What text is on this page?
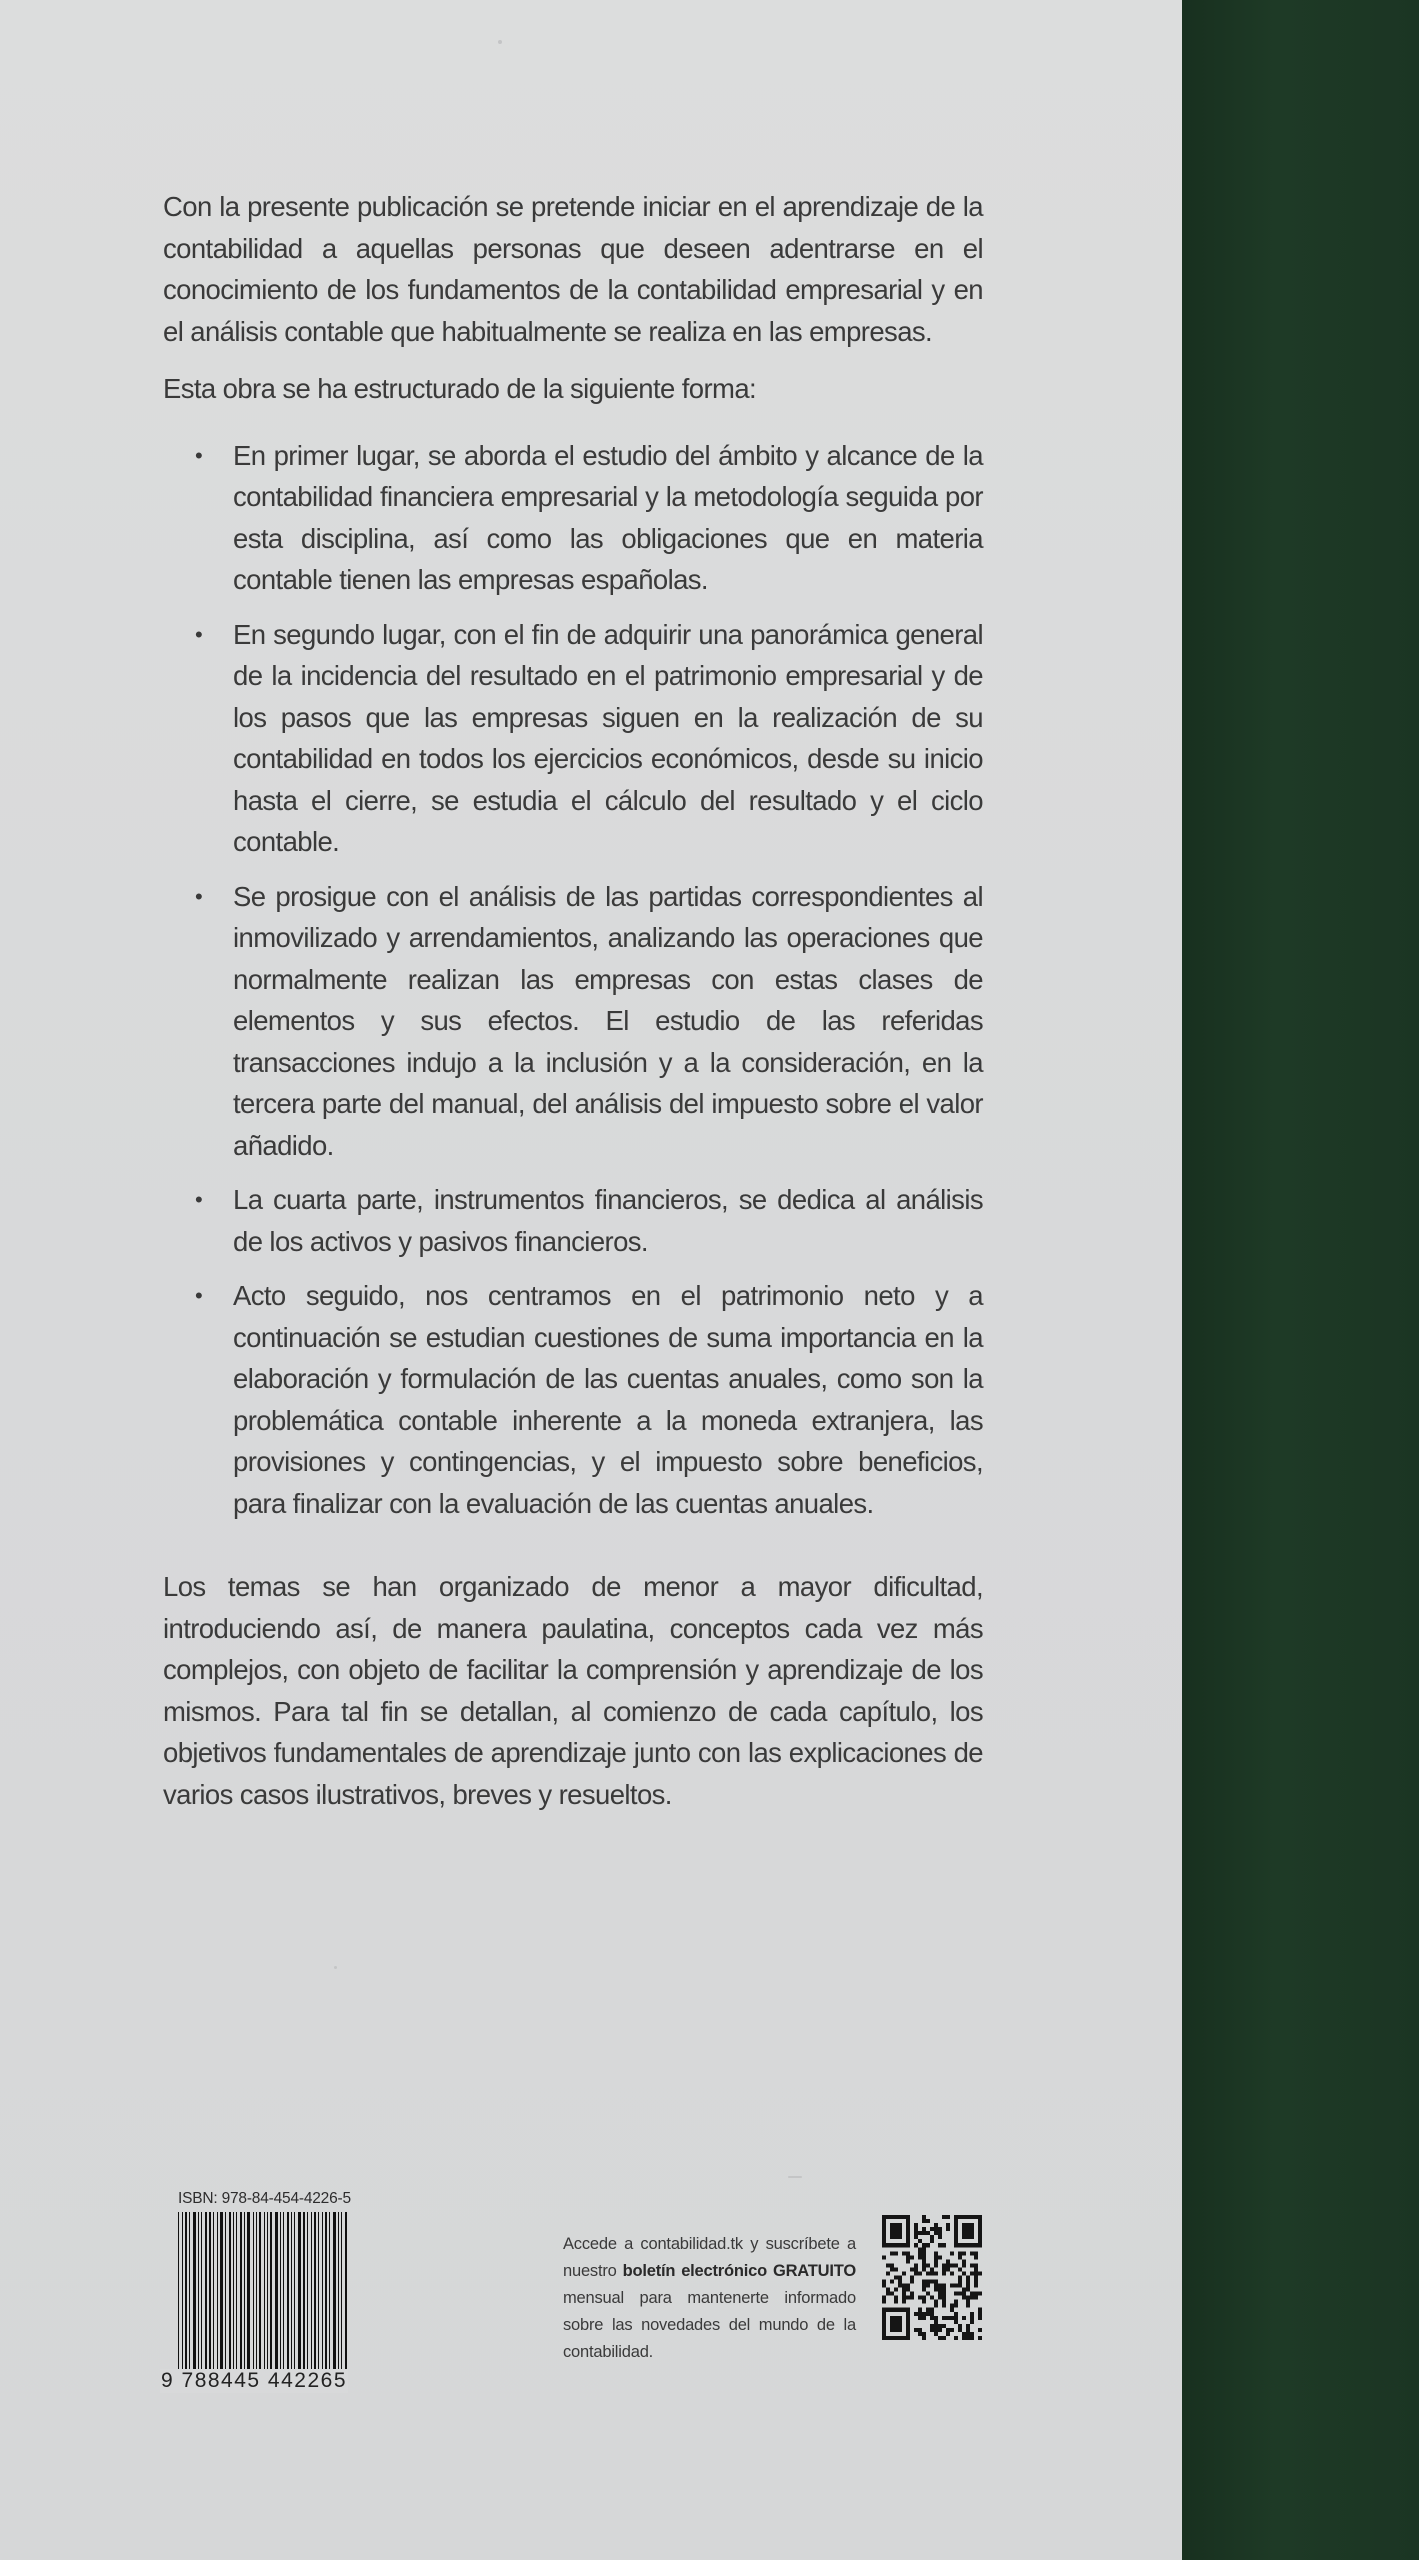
Con la presente publicación se pretende iniciar en el aprendizaje de la contabilidad a aquellas personas que deseen adentrarse en el conocimiento de los fundamentos de la contabilidad empresarial y en el análisis contable que habitualmente se realiza en las empresas.

Esta obra se ha estructurado de la siguiente forma:

• En primer lugar, se aborda el estudio del ámbito y alcance de la contabilidad financiera empresarial y la metodología seguida por esta disciplina, así como las obligaciones que en materia contable tienen las empresas españolas.
• En segundo lugar, con el fin de adquirir una panorámica general de la incidencia del resultado en el patrimonio empresarial y de los pasos que las empresas siguen en la realización de su contabilidad en todos los ejercicios económicos, desde su inicio hasta el cierre, se estudia el cálculo del resultado y el ciclo contable.
• Se prosigue con el análisis de las partidas correspondientes al inmovilizado y arrendamientos, analizando las operaciones que normalmente realizan las empresas con estas clases de elementos y sus efectos. El estudio de las referidas transacciones indujo a la inclusión y a la consideración, en la tercera parte del manual, del análisis del impuesto sobre el valor añadido.
• La cuarta parte, instrumentos financieros, se dedica al análisis de los activos y pasivos financieros.
• Acto seguido, nos centramos en el patrimonio neto y a continuación se estudian cuestiones de suma importancia en la elaboración y formulación de las cuentas anuales, como son la problemática contable inherente a la moneda extranjera, las provisiones y contingencias, y el impuesto sobre beneficios, para finalizar con la evaluación de las cuentas anuales.

Los temas se han organizado de menor a mayor dificultad, introduciendo así, de manera paulatina, conceptos cada vez más complejos, con objeto de facilitar la comprensión y aprendizaje de los mismos. Para tal fin se detallan, al comienzo de cada capítulo, los objetivos fundamentales de aprendizaje junto con las explicaciones de varios casos ilustrativos, breves y resueltos.

ISBN: 978-84-454-4226-5
9 788445 442265
Accede a contabilidad.tk y suscríbete a nuestro boletín electrónico GRATUITO mensual para mantenerte informado sobre las novedades del mundo de la contabilidad.
